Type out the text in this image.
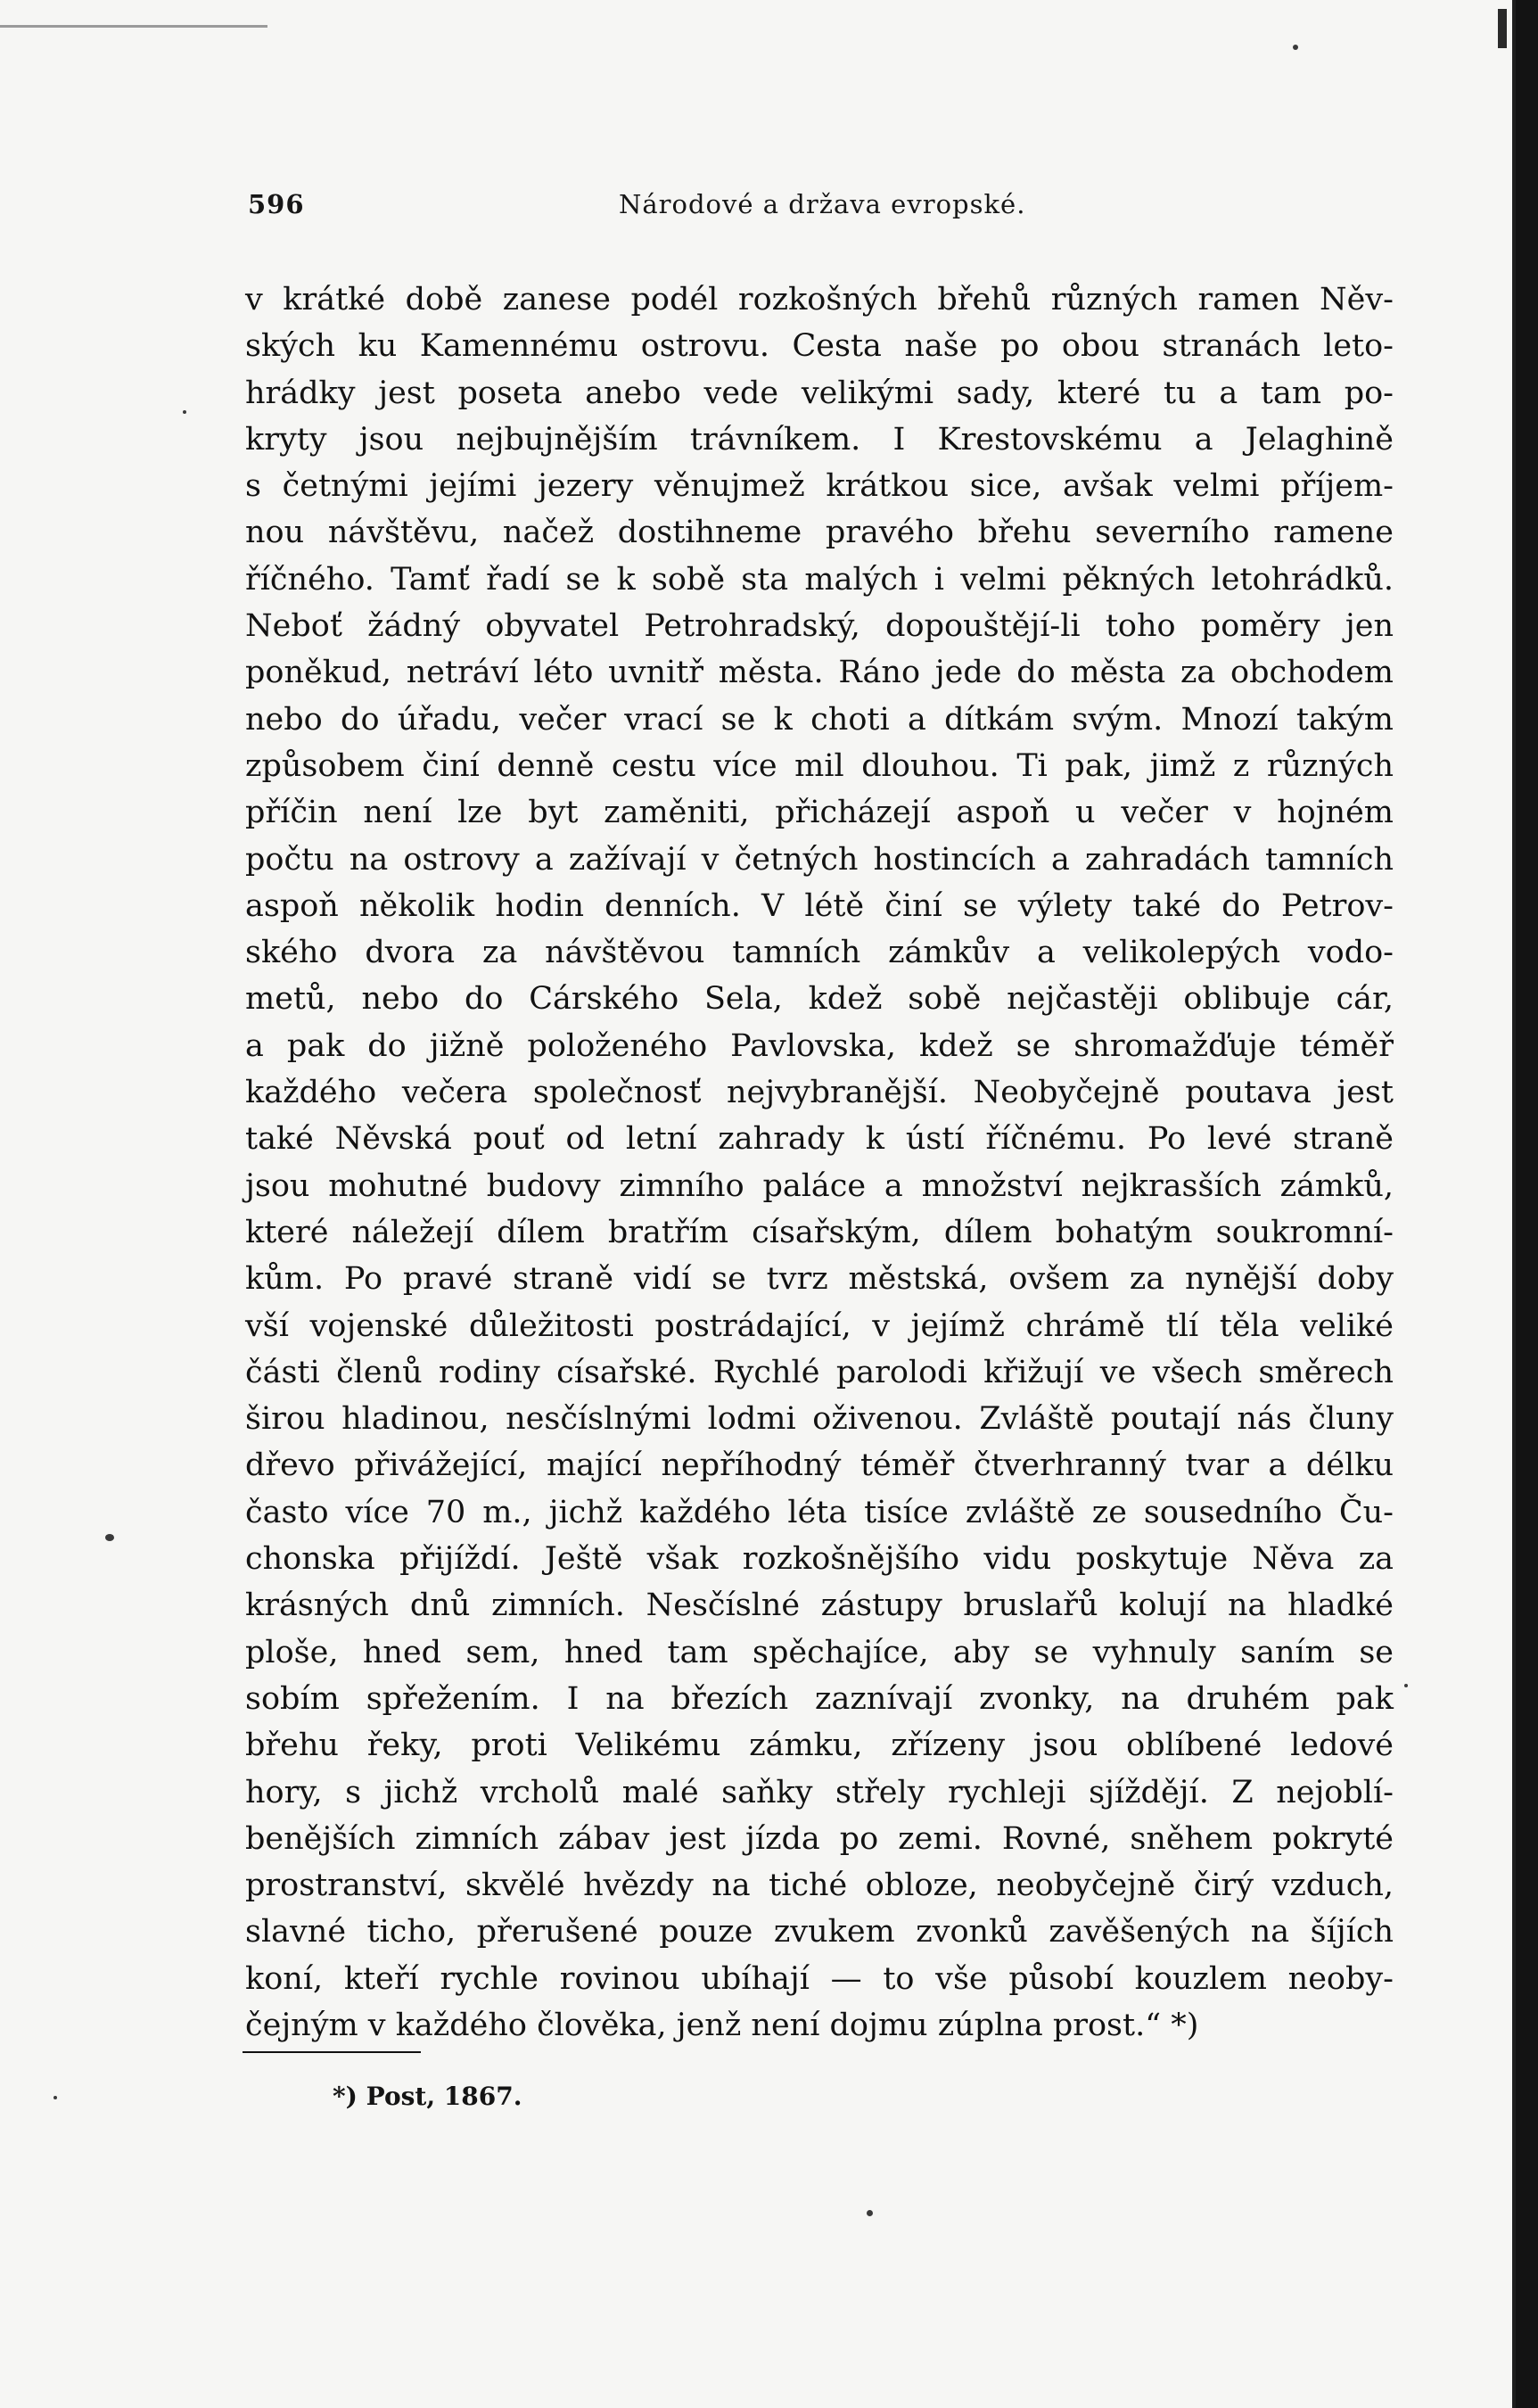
596	Národové a država evropské.
v krátké době zanese podél rozkošných břehů různých ramen Něv-
ských ku Kamennému ostrovu. Cesta naše po obou stranách leto-
hrádky jest poseta anebo vede velikými sady, které tu a tam po-
kryty jsou nejbujnějším trávníkem. I Krestovskému a Jelaghině
s četnými jejími jezery věnujmež krátkou sice, avšak velmi příjem-
nou návštěvu, načež dostihneme pravého břehu severního ramene
říčného. Tamť řadí se k sobě sta malých i velmi pěkných letohrádků.
Neboť žádný obyvatel Petrohradský, dopouštějí-li toho poměry jen
poněkud, netráví léto uvnitř města. Ráno jede do města za obchodem
nebo do úřadu, večer vrací se k choti a dítkám svým. Mnozí takým
způsobem činí denně cestu více mil dlouhou. Ti pak, jimž z různých
příčin není lze byt zaměniti, přicházejí aspoň u večer v hojném
počtu na ostrovy a zažívají v četných hostincích a zahradách tamních
aspoň několik hodin denních. V létě činí se výlety také do Petrov-
ského dvora za návštěvou tamních zámkův a velikolepých vodo-
metů, nebo do Cárského Sela, kdež sobě nejčastěji oblibuje cár,
a pak do jižně položeného Pavlovska, kdež se shromažďuje téměř
každého večera společnosť nejvybranější. Neobyčejně poutava jest
také Něvská pouť od letní zahrady k ústí říčnému. Po levé straně
jsou mohutné budovy zimního paláce a množství nejkrasších zámků,
které náležejí dílem bratřím císařským, dílem bohatým soukromní-
kům. Po pravé straně vidí se tvrz městská, ovšem za nynější doby
vší vojenské důležitosti postrádající, v jejímž chrámě tlí těla veliké
části členů rodiny císařské. Rychlé parolodi křižují ve všech směrech
širou hladinou, nesčíslnými lodmi oživenou. Zvláště poutají nás čluny
dřevo přivážející, mající nepříhodný téměř čtverhranný tvar a délku
často více 70 m., jichž každého léta tisíce zvláště ze sousedního Ču-
chonska přijíždí. Ještě však rozkošnějšího vidu poskytuje Něva za
krásných dnů zimních. Nesčíslné zástupy bruslařů kolují na hladké
ploše, hned sem, hned tam spěchajíce, aby se vyhnuly saním se
sobím spřežením. I na březích zaznívají zvonky, na druhém pak
břehu řeky, proti Velikému zámku, zřízeny jsou oblíbené ledové
hory, s jichž vrcholů malé saňky střely rychleji sjíždějí. Z nejoblí-
benějších zimních zábav jest jízda po zemi. Rovné, sněhem pokryté
prostranství, skvělé hvězdy na tiché obloze, neobyčejně čirý vzduch,
slavné ticho, přerušené pouze zvukem zvonků zavěšených na šíjích
koní, kteří rychle rovinou ubíhají — to vše působí kouzlem neoby-
čejným v každého člověka, jenž není dojmu zúplna prost.“ *)
*) Post, 1867.
